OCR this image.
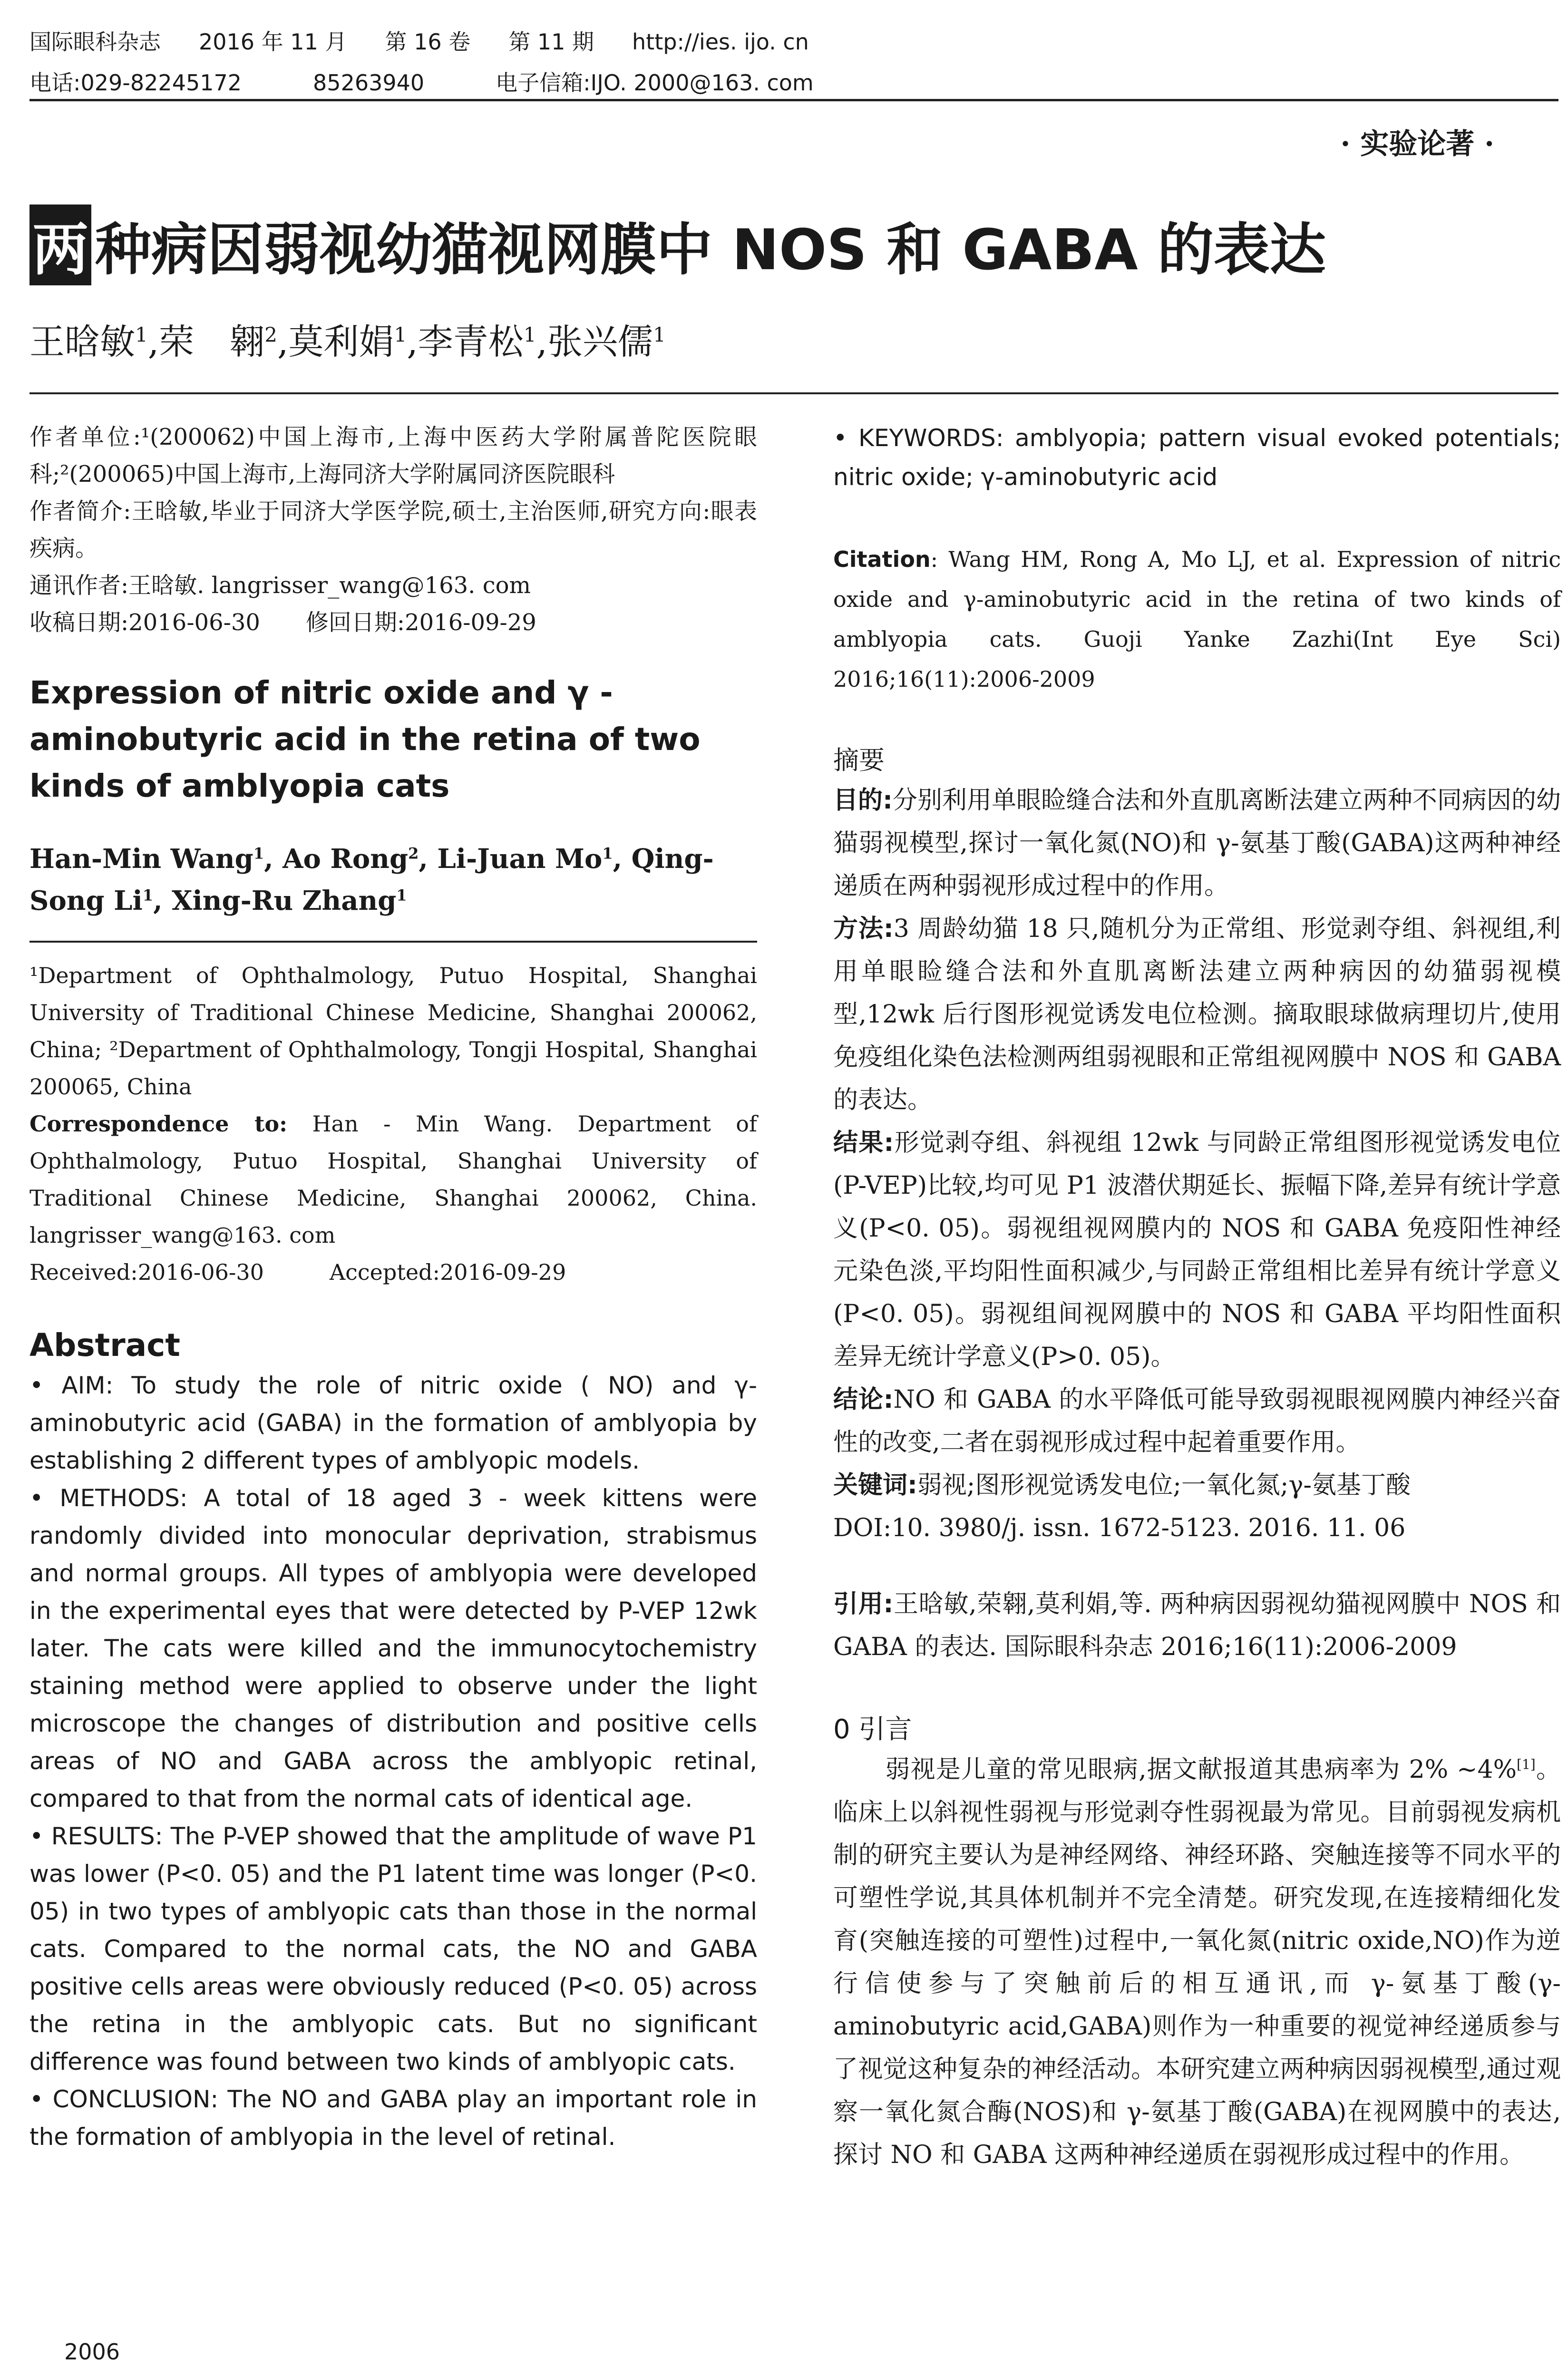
国际眼科杂志 2016 年 11 月 第 16 卷 第 11 期 http://ies. ijo. cn
电话:029-82245172	85263940	电子信箱:IJO. 2000@163. com
· 实验论著 ·
两 种病因弱视幼猫视网膜中 NOS 和 GABA 的表达
王晗敏$^1$,荣　翱$^2$,莫利娟$^1$,李青松$^1$,张兴儒$^1$

作者单位:¹(200062)中国上海市,上海中医药大学附属普陀医院眼科;²(200065)中国上海市,上海同济大学附属同济医院眼科

作者简介:王晗敏,毕业于同济大学医学院,硕士,主治医师,研究方向:眼表疾病。

通讯作者:王晗敏. langrisser_wang@163. com

收稿日期:2016-06-30　　修回日期:2016-09-29

Expression of nitric oxide and γ - aminobutyric acid in the retina of two kinds of amblyopia cats

Han-Min Wang$^1$, Ao Rong$^2$, Li-Juan Mo$^1$, Qing-Song Li$^1$, Xing-Ru Zhang$^1$

¹Department of Ophthalmology, Putuo Hospital, Shanghai University of Traditional Chinese Medicine, Shanghai 200062, China; ²Department of Ophthalmology, Tongji Hospital, Shanghai 200065, China

Correspondence to: Han - Min Wang. Department of Ophthalmology, Putuo Hospital, Shanghai University of Traditional Chinese Medicine, Shanghai 200062, China. langrisser_wang@163. com

Received:2016-06-30　　　Accepted:2016-09-29

Abstract

• AIM: To study the role of nitric oxide ( NO) and γ-aminobutyric acid (GABA) in the formation of amblyopia by establishing 2 different types of amblyopic models.

• METHODS: A total of 18 aged 3 - week kittens were randomly divided into monocular deprivation, strabismus and normal groups. All types of amblyopia were developed in the experimental eyes that were detected by P-VEP 12wk later. The cats were killed and the immunocytochemistry staining method were applied to observe under the light microscope the changes of distribution and positive cells areas of NO and GABA across the amblyopic retinal, compared to that from the normal cats of identical age.

• RESULTS: The P-VEP showed that the amplitude of wave P1 was lower (P<0. 05) and the P1 latent time was longer (P<0. 05) in two types of amblyopic cats than those in the normal cats. Compared to the normal cats, the NO and GABA positive cells areas were obviously reduced (P<0. 05) across the retina in the amblyopic cats. But no significant difference was found between two kinds of amblyopic cats.

• CONCLUSION: The NO and GABA play an important role in the formation of amblyopia in the level of retinal.

• KEYWORDS: amblyopia; pattern visual evoked potentials; nitric oxide; γ-aminobutyric acid

Citation: Wang HM, Rong A, Mo LJ, et al. Expression of nitric oxide and γ-aminobutyric acid in the retina of two kinds of amblyopia cats. Guoji Yanke Zazhi(Int Eye Sci) 2016;16(11):2006-2009

摘要

目的:分别利用单眼睑缝合法和外直肌离断法建立两种不同病因的幼猫弱视模型,探讨一氧化氮(NO)和 γ-氨基丁酸(GABA)这两种神经递质在两种弱视形成过程中的作用。

方法:3 周龄幼猫 18 只,随机分为正常组、形觉剥夺组、斜视组,利用单眼睑缝合法和外直肌离断法建立两种病因的幼猫弱视模型,12wk 后行图形视觉诱发电位检测。摘取眼球做病理切片,使用免疫组化染色法检测两组弱视眼和正常组视网膜中 NOS 和 GABA 的表达。

结果:形觉剥夺组、斜视组 12wk 与同龄正常组图形视觉诱发电位(P-VEP)比较,均可见 P1 波潜伏期延长、振幅下降,差异有统计学意义(P<0. 05)。弱视组视网膜内的 NOS 和 GABA 免疫阳性神经元染色淡,平均阳性面积减少,与同龄正常组相比差异有统计学意义(P<0. 05)。弱视组间视网膜中的 NOS 和 GABA 平均阳性面积差异无统计学意义(P>0. 05)。

结论:NO 和 GABA 的水平降低可能导致弱视眼视网膜内神经兴奋性的改变,二者在弱视形成过程中起着重要作用。

关键词:弱视;图形视觉诱发电位;一氧化氮;γ-氨基丁酸

DOI:10. 3980/j. issn. 1672-5123. 2016. 11. 06

引用:王晗敏,荣翱,莫利娟,等. 两种病因弱视幼猫视网膜中 NOS 和 GABA 的表达. 国际眼科杂志 2016;16(11):2006-2009

0 引言

弱视是儿童的常见眼病,据文献报道其患病率为 2% ~4%[1]。临床上以斜视性弱视与形觉剥夺性弱视最为常见。目前弱视发病机制的研究主要认为是神经网络、神经环路、突触连接等不同水平的可塑性学说,其具体机制并不完全清楚。研究发现,在连接精细化发育(突触连接的可塑性)过程中,一氧化氮(nitric oxide,NO)作为逆行信使参与了突触前后的相互通讯,而 γ-氨基丁酸(γ-aminobutyric acid,GABA)则作为一种重要的视觉神经递质参与了视觉这种复杂的神经活动。本研究建立两种病因弱视模型,通过观察一氧化氮合酶(NOS)和 γ-氨基丁酸(GABA)在视网膜中的表达,探讨 NO 和 GABA 这两种神经递质在弱视形成过程中的作用。

2006
